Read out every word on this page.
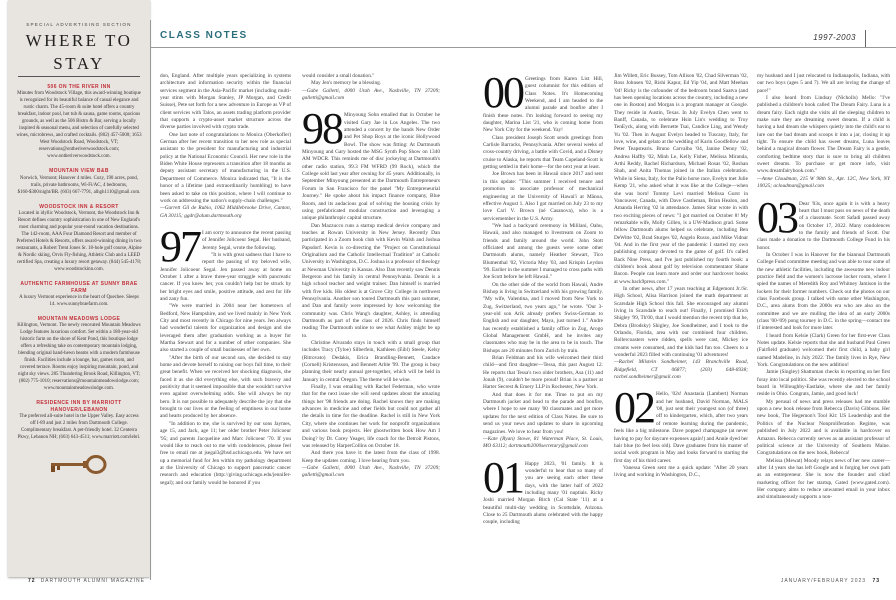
SPECIAL ADVERTISING SECTION
WHERE TO
STAY
506 ON THE RIVER INN
Minutes from Woodstock Village, this award-winning boutique is recognized for its beautiful balance of casual elegance and rustic charm. The 45-room & suite hotel offers a country breakfast, indoor pool, hot tub & sauna, game rooms, spacious grounds, as well as the 506 Bistro & Bar, serving a locally inspired & seasonal menu, and selection of carefully selected wines, microbrews, and crafted cocktails. (802) 457-5000; 1653 West Woodstock Road, Woodstock, VT; reservations@ontheriverwoodstock.com; www.ontheriverwoodstock.com.
MOUNTAIN VIEW B&B
Norwich, Vermont; Hanover 4 miles. Cozy, 190 acres, pond, trails, private bathrooms, Wi-Fi/AC, 4 bedrooms, $160-$300/night/BR. (603) 667-7791, alhgh1110@gmail.com.
WOODSTOCK INN & RESORT
Located in idyllic Woodstock, Vermont, the Woodstock Inn & Resort defines country sophistication in one of New England's most charming and popular year-round vacation destinations. The 142-room, AAA Four Diamond Resort and member of Preferred Hotels & Resorts, offers award-winning dining in two restaurants, a Robert Trent Jones Sr. 18-hole golf course, Alpine & Nordic skiing, Orvis Fly-fishing, Athletic Club and a LEED certified Spa, creating a luxury resort getaway. (844) 545-4178; www.woodstockinn.com.
AUTHENTIC FARMHOUSE AT SUNNY BRAE FARM
A luxury Vermont experience in the heart of Quechee. Sleeps 14. www.sunnybraefarm.com.
MOUNTAIN MEADOWS LODGE
Killington, Vermont. The newly renovated Mountain Meadows Lodge features luxurious comfort. Set within a 180-year-old historic farm on the shore of Kent Pond, this boutique lodge offers a refreshing take on contemporary mountain lodging, blending original hand-hewn beams with a modern farmhouse finish. Facilities include a lounge, bar, games room, and covered terrace. Rooms enjoy inspiring mountain, pond, and night sky views. 285 Thundering Brook Road, Killington, VT; (802) 775-1010; reservations@mountainmeadowslodge.com; www.mountainmeadowslodge.com.
RESIDENCE INN BY MARRIOTT HANOVER/LEBANON
The preferred all-suite hotel in the Upper Valley. Easy access off I-89 and just 2 miles from Dartmouth College. Complimentary breakfast. A pet-friendly hotel. 32 Centerra Pkwy, Lebanon NH; (603) 643-4511; www.marriott.com/lebri.
CLASS NOTES	1997-2003

don, England. After multiple years specializing in systems architecture and information security within the financial services segment in the Asia-Pacific market (including multi-year stints with Morgan Stanley, JP Morgan, and Credit Suisse), Pete set forth for a new adventure in Europe as VP of client services with Talos, an assets trading platform provider that supports a crypto-asset market structure across the diverse parties involved with crypto trade.

One last note of congratulations to Monica (Oberkofler) German after her recent transition to her new role as special assistant to the president for manufacturing and industrial policy at the National Economic Council. Her new role in the Biden White House represents a transition after 18 months as deputy assistant secretary of manufacturing in the U.S. Department of Commerce. Monica indicated that, "It is the honor of a lifetime (and extraordinarily humbling) to have been asked to take on this position, where I will continue to work on addressing the nation's supply-chain challenges."

—Garrett Gil de Rubio, 1062 Middlebrooke Drive, Canton, GA 30115; ggdr@alum.dartmouth.org

97 I am sorry to announce the recent passing of Jennifer Jolicoeur Segal. Her husband, Jeremy Segal, wrote the following.

"It is with great sadness that I have to report the passing of my beloved wife, Jennifer Jolicoeur Segal. Jen passed away at home on October 1 after a brave three-year struggle with pancreatic cancer. If you knew her, you couldn't help but be struck by her bright eyes and smile, positive attitude, and zest for life and zany fun.

"We were married in 2004 near her hometown of Bedford, New Hampshire, and we lived mainly in New York City and most recently in Chicago for nine years. Jen always had wonderful talents for organization and design and she leveraged them after graduation working as a buyer for Martha Stewart and for a number of other companies. She also started a couple of small businesses of her own.

"After the birth of our second son, she decided to stay home and devote herself to raising our boys full time, to their great benefit. When we received her shocking diagnosis, she faced it as she did everything else, with such bravery and positivity that it seemed impossible that she wouldn't survive even against overwhelming odds. She will always be my hero. It is not possible to adequately describe the joy that she brought to our lives or the feeling of emptiness in our home and hearts produced by her absence.

"In addition to me, she is survived by our sons Jaymes, age 15, and Jack, age 11; her older brother Peter Jolicoeur '95; and parents Jacqueline and Marc Jolicoeur '70. If you would like to reach out to me with condolences, please feel free to email me at jsegal3@bsd.uchicago.edu. We have set up a memorial fund for Jen within my pathology department at the University of Chicago to support pancreatic cancer research and education (http://giving.uchicago.edu/jennifer-segal); and our family would be honored if you

would consider a small donation."

May Jen's memory be a blessing.

—Gabe Galletti, 4000 Utah Ave., Nashville, TN 37209; galletti@gmail.com

98 Minyoung Sohn emailed that in October he visited Gary Jae in Los Angeles. The two attended a concert by the bands New Order and Pet Shop Boys at the iconic Hollywood Bowl. The show was fitting: At Dartmouth Minyoung and Gary hosted the MSG Synth Pop Show on 1340 AM WDCR. This reminds me of disc jockeying at Dartmouth's other radio station, 99.3 FM WFRD (99 Rock), which the College sold last year after owning for 45 years. Additionally, in September Minyoung presented at the Dartmouth Entrepreneurs Forum in San Francisco for the panel "My Entrepreneurial Journey." He spoke about his impact finance company, Blue Room, and its audacious goal of solving the housing crisis by using prefabricated modular construction and leveraging a unique philanthropic capital structure.

Dan Mazzucco runs a startup medical device company and teaches at Rowan University in New Jersey. Recently Dan participated in a Zoom book club with Kevin Walsh and Joshua Papsdorf. Kevin is co-directing the "Project on Constitutional Originalism and the Catholic Intellectual Tradition" at Catholic University in Washington, D.C. Joshua is a professor of theology at Newman University in Kansas. Also Dan recently saw Dennis Bergeron and his family in central Pennsylvania. Dennis is a high school teacher and weight trainer. Dan himself is married with five kids. His oldest is at Grove City College in northwest Pennsylvania. Another son toured Dartmouth this past summer, and Dan and family were impressed by how welcoming the community was. Chris Wang's daughter, Ashley, is attending Dartmouth as part of the class of 2026. Chris finds himself reading The Dartmouth online to see what Ashley might be up to.

Christine Alvarado stays in touch with a small group that includes Tracy (Tyloe) Silberfein, Kathleen (Eibl) Steele, Kelsy (Ritrovato) Dedakis, Erica Brandling-Bennett, Candace (Cornell) Kristensson, and Bennett Arble '99. The group is busy planning their nearly annual get-together, which will be held in January in central Oregon. The theme will be wine.

Finally, I was emailing with Rachel Federman, who wrote that for the next issue she will send updates about the amazing things her '98 friends are doing. Rachel knows they are making advances in medicine and other fields but could not gather all the details in time for the deadline. Rachel is still in New York City, where she continues her work for nonprofit organizations and various book projects. Her ghostwritten book How Am I Doing? by Dr. Corey Yeager, life coach for the Detroit Pistons, was released by HarperCollins on October 18.

And there you have it: the latest from the class of 1998. Keep the updates coming. I love hearing from you.

—Gabe Galletti, 4000 Utah Ave., Nashville, TN 37209; galletti@gmail.com

00 Greetings from Karen List Hill, guest columnist for this edition of Class Notes. It's Homecoming Weekend, and I am headed to the alumni parade and bonfire after I finish these notes. I'm looking forward to seeing my daughter, Marina List '21, who is coming home from New York City for the weekend. Yay!

Class president Joseph Scott sends greetings from Carlisle Barracks, Pennsylvania. After several weeks of cross-country driving, a battle with Covid, and a Disney cruise to Alaska, he reports that Team Copeland-Scott is getting settled in their home—for the next year at least.

Joe Brown has been in Hawaii since 2017 and sent in this update: "This summer I received tenure and promotion to associate professor of mechanical engineering at the University of Hawai'i at Mānoa, effective August 1. Also I got married on July 23 to my love Carl V. Brown (né Casanova), who is a servicemember in the U.S. Army.

"We had a backyard ceremony in Mililani, Oahu, Hawaii, and also managed to livestream on Zoom to friends and family around the world. John Stott officiated and among the guests were some other Dartmouth alums, namely Heather Stewart, Tico Blumenthal '02, Victoria Moy '03, and Krispin Leydon '99. Earlier in the summer I managed to cross paths with Joe Scott before he left Hawaii."

On the other side of the world from Hawaii, Andre Bishop is living in Switzerland with his growing family. "My wife, Valentina, and I moved from New York to Zug, Switzerland, two years ago," he wrote. "Our 3-year-old son Arik already prefers Swiss-German to English and our daughter, Maya, just turned 1." Andre has recently established a family office in Zug, Arogo Global Management GmbH, and he invites any classmates who may be in the area to be in touch. The Bishops are 20 minutes from Zurich by train.

Brian Feldman and his wife welcomed their third child—and first daughter—Tessa, this past August 12. He reports that Tessa's two older brothers, Asa (11) and Jonah (9), couldn't be more proud! Brian is a partner at Harter Secrest & Emery LLP in Rochester, New York.

And that does it for me. Time to put on my Dartmouth jacket and head to the parade and bonfire, where I hope to see many '00 classmates and get more updates for the next edition of Class Notes. Be sure to send us your news and updates to share in upcoming magazines. We love to hear from you!

—Kate (Ryan) Stowe, 81 Waterman Place, St. Louis, MO 63112; dartmouth2000secretary@gmail.com

01 Happy 2023, '01 family. It is wonderful to hear that so many of you are seeing each other these days, with the latter half of 2022 including many '01 nuptials. Ricky Joshi married Morgan Birch (Cal State '11) at a beautiful multi-day wedding in Scottsdale, Arizona. Close to 25 Dartmouth alums celebrated with the happy couple, including

Jim Willett, Eric Bussey, Tom Allison '02, Chad Silverman '02, Ross Johnsen '02, Rishi Kapur, Ed Yip '04, and Matt Meehan '04! Ricky is the cofounder of the bedroom brand Saatva (and has been opening locations across the country, including a new one in Boston) and Morgan is a program manager at Google. They reside in Austin, Texas. In July Evelyn Chen went to Banff, Canada, to celebrate Hsin Lin's wedding to Troy TenEyck, along with Bernette Tsai, Candice Ling, and Wendy Yu '02. Then in August Evelyn headed to Tuscany, Italy, for love, wine, and gelato at the wedding of Karin Goodfellow and Peter Teapstearis. Bruno Carvalho '04, Janine Denny '02, Andrea Haffty '02, Minh Le, Kelly Fisher, Melissa Miranda, Arthi Reddy, Rachel Richardson, Michael Rosas '02, Roshan Shah, and Anita Thomas joined in the Italian celebration. While in Siena, Italy, for the Palio horse race, Evelyn met Julie Kemp '21, who asked what it was like at the College—when she was born! Tommy Levi married Melissa Gurst in Vancouver, Canada, with Dave Castleman, Brian Healon, and Amanda Herring '02 in attendance. James Sitar wrote in with two exciting pieces of news: "I got married on October 8! My remarkable wife, Molly Gillen, is a UW-Madison grad. Some fellow Dartmouth alums helped us celebrate, including Ben DeWitte '02, Brad Sturges '02, Angelo Russo, and Mike Vidnar '04. And in the first year of the pandemic I started my own publishing company devoted to the game of golf. It's called Back Nine Press, and I've just published my fourth book: a children's book about golf by television commentator Shane Bacon. People can learn more and order our hardcover books at www.back9press.com."

In other news, after 17 years teaching at Edgemont Jr./Sr. High School, Alisa Harrison joined the math department at Scarsdale High School this fall. She encouraged any alumni living in Scarsdale to reach out! Finally, I promised Erich Shigley '99, Th'00, that I would mention the recent trip that he, Debra (Brodsky) Shigley, Joe Sondheimer, and I took to the Orlando, Florida, area with our combined four children. Rollercoasters were ridden, spells were cast, Mickey ice creams were consumed, and the kids had fun too. Cheers to a wonderful 2023 filled with continuing '01 adventures!

—Rachel Milstein Sondheimer, 143 Branchville Road, Ridgefield, CT 06877; (203) 648-6938; rachel.sondheimer@gmail.com

02 Hello, '02s! Anastasia (Lambert) Norman and her husband, David Norman, MALS '08, just sent their youngest son (of three) off to kindergarten, which, after two years of remote learning during the pandemic, feels like a big milestone. Dave popped champagne (at never having to pay for daycare expenses again!) and Annie dyed her hair blue (to feel less old). Dave graduates from his master of social work program in May and looks forward to starting the first day of his third career.

Vanessa Green sent me a quick update: "After 20 years living and working in Washington, D.C.,

my husband and I just relocated to Indianapolis, Indiana, with our two boys (ages 5 and 7). We all are loving the change of pace!"

I also heard from Lindsay (Nicholls) Mello: "I've published a children's book called The Dream Fairy. Luna is a dream fairy. Each night she visits all the sleeping children to make sure they are dreaming sweet dreams. If a child is having a bad dream she whispers quietly into the child's ear to lure out the bad dream and scoops it into a jar, closing it up tight. To ensure the child has sweet dreams, Luna leaves behind a magical dream flower. The Dream Fairy is a gentle, comforting bedtime story that is sure to bring all children sweet dreams. To purchase or get more info, visit www.dreamfairybook.com."

—Anne Cloudman, 215 W 98th St., Apt. 12C, New York, NY 10025; acloudman@gmail.com

03 Dear '03s, once again it is with a heavy heart that I must pass on news of the death of a classmate. Scott Safadi passed away on October 17, 2022. Many condolences to the family and friends of Scott. Our class made a donation to the Dartmouth College Fund in his honor.

In October I was in Hanover for the biannual Dartmouth College Fund committee meeting and was able to tour some of the new athletic facilities, including the awesome new indoor practice field and the women's lacrosse locker room, where I spied the names of Meredith Roy and Whitney Jamison in the lockers for their former numbers. Check out the photos on our class Facebook group. I talked with some other Washington, D.C., area alums from the 2000s era who are also on the committee and we are mulling the idea of an early 2000s (class '00-'09) pong tourney in D.C. in the spring—contact me if interested and look for more later.

I heard from Kelsie (Clark) Green for her first-ever Class Notes update. Kelsie reports that she and husband Paul Green (Fairfield graduate) welcomed their first child, a baby girl named Madeline, in July 2022. The family lives in Rye, New York. Congratulations on the new addition!

Jamie (Singley) Shattuman checks in reporting on her first foray into local politics. She was recently elected to the school board in Willoughby-Eastlake, where she and her family reside in Ohio. Congrats, Jamie, and good luck!

My perusal of news and press releases had me stumble upon a new book release from Rebecca (Davis) Gibbons. Her new book, The Hegemon's Tool Kit: US Leadership and the Politics of the Nuclear Nonproliferation Regime, was published in July 2022 and is available in hardcover on Amazon. Rebecca currently serves as an assistant professor of political science at the University of Southern Maine. Congratulations on the new book, Rebecca!

Melissa (Mewat) Moody relays news of her new career—after 14 years she has left Google and is forging her own path as an entrepreneur. She is now the founder and chief marketing officer for her startup, Gated (www.gated.com). Her company aims to reduce unwanted email in your inbox and simultaneously supports a non-

72 DARTMOUTH ALUMNI MAGAZINE	JANUARY/FEBRUARY 2023 73
